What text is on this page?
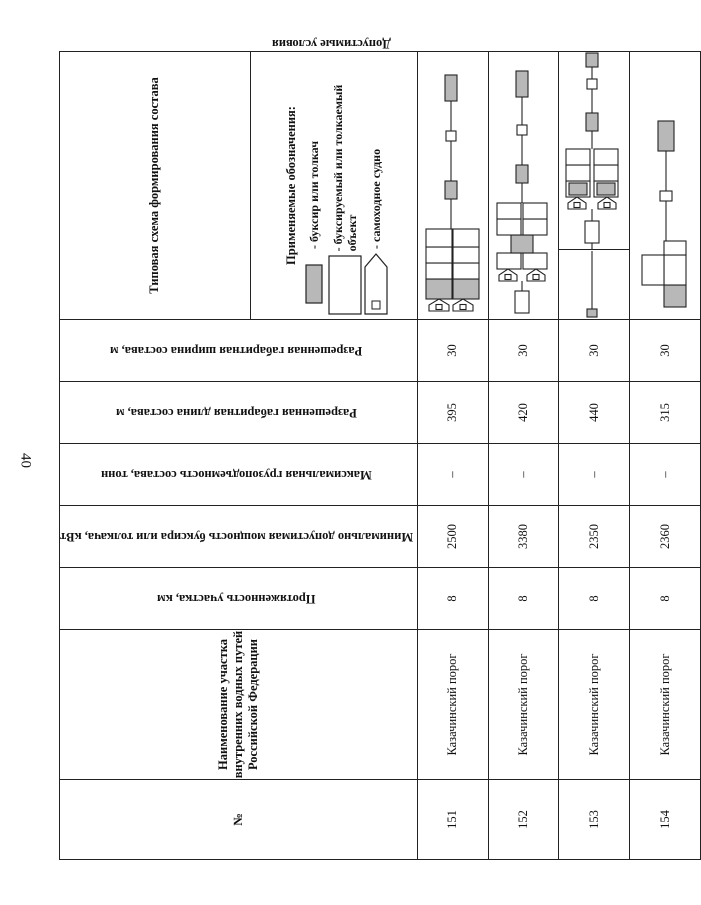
40
№	Наименование участка внутренних водных путей Российской Федерации	Протяженность участка, км	Минимально допустимая мощность буксира или толкача, кВт	Максимальная грузоподъемность состава, тонн	Разрешенная габаритная длина состава, м	Разрешенная габаритная ширина состава, м	Типовая схема формирования состава		

							Применяемые обозначения: - буксир или толкач - буксируемый или толкаемый объект - самоходное судно		Допустимые условия
151	Казачинский порог	8	2500	–	395	30	
152	Казачинский порог	8	3380	–	420	30	
153	Казачинский порог	8	2350	–	440	30		

154	Казачинский порог	8	2360	–	315	30	
